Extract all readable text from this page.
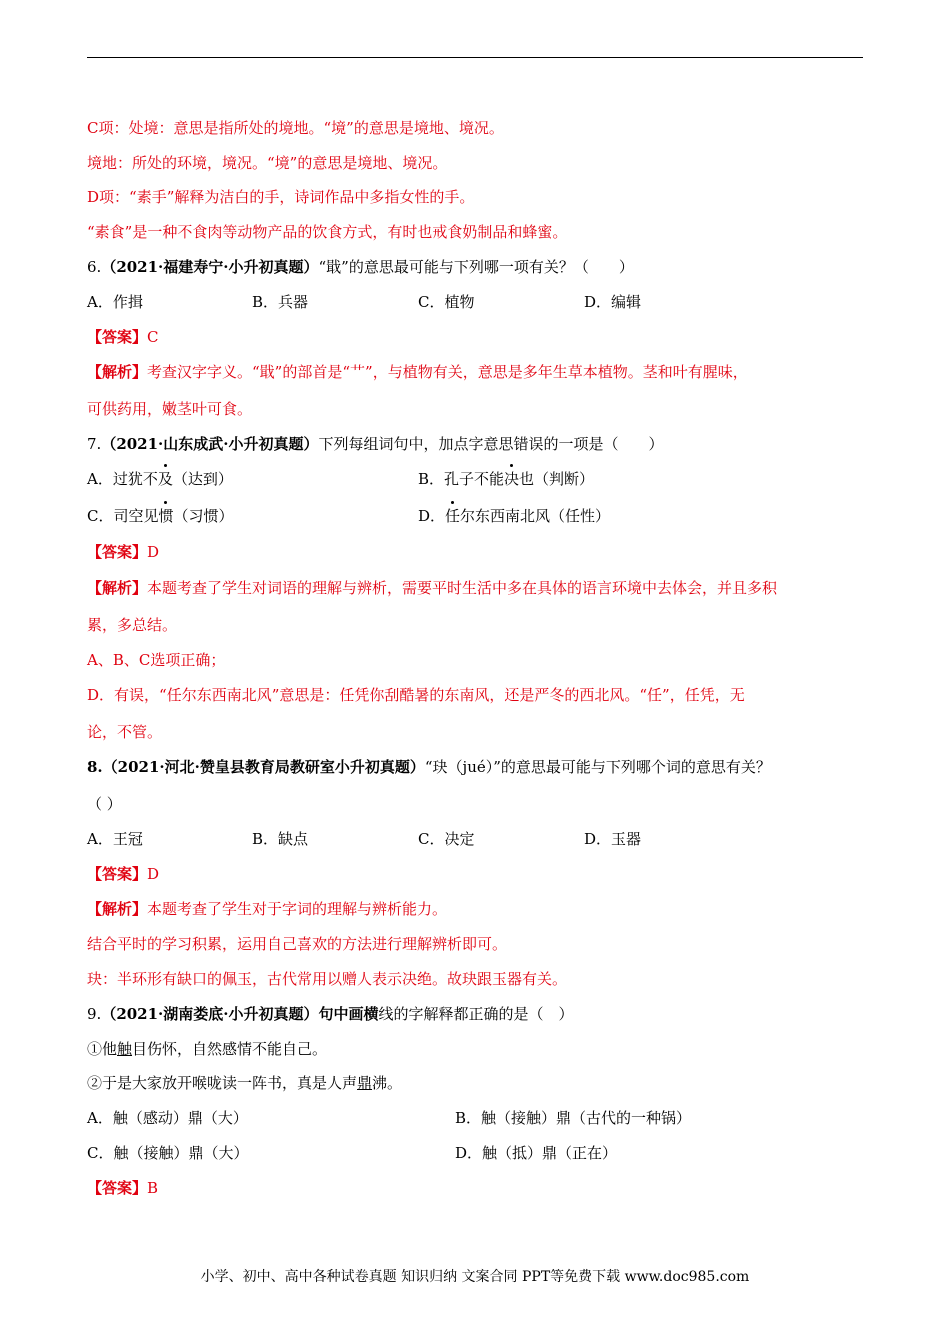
C项：处境：意思是指所处的境地。“境”的意思是境地、境况。
境地：所处的环境，境况。“境”的意思是境地、境况。
D项：“素手”解释为洁白的手，诗词作品中多指女性的手。
“素食”是一种不食肉等动物产品的饮食方式，有时也戒食奶制品和蜂蜜。
6.（2021·福建寿宁·小升初真题）“戢”的意思最可能与下列哪一项有关？（　　）
A．作揖	B．兵器	C．植物	D．编辑
【答案】C
【解析】考查汉字字义。“戢”的部首是“艹”，与植物有关，意思是多年生草本植物。茎和叶有腥味，
可供药用，嫩茎叶可食。
7.（2021·山东成武·小升初真题）下列每组词句中，加点字意思错误的一项是（　　）
A．过犹不及（达到）	B．孔子不能决也（判断）
C．司空见惯（习惯）	D．任尔东西南北风（任性）
【答案】D
【解析】本题考查了学生对词语的理解与辨析，需要平时生活中多在具体的语言环境中去体会，并且多积
累，多总结。
A、B、C选项正确；
D．有误，“任尔东西南北风”意思是：任凭你刮酷暑的东南风，还是严冬的西北风。“任”，任凭，无
论，不管。
8.（2021·河北·赞皇县教育局教研室小升初真题）“玦（jué）”的意思最可能与下列哪个词的意思有关？
（ ）
A．王冠	B．缺点	C．决定	D．玉器
【答案】D
【解析】本题考查了学生对于字词的理解与辨析能力。
结合平时的学习积累，运用自己喜欢的方法进行理解辨析即可。
玦：半环形有缺口的佩玉，古代常用以赠人表示决绝。故玦跟玉器有关。
9.（2021·湖南娄底·小升初真题）句中画横线的字解释都正确的是（　）
①他触目伤怀，自然感情不能自己。
②于是大家放开喉咙读一阵书，真是人声鼎沸。
A．触（感动）鼎（大）	B．触（接触）鼎（古代的一种锅）
C．触（接触）鼎（大）	D．触（抵）鼎（正在）
【答案】B
小学、初中、高中各种试卷真题 知识归纳 文案合同 PPT等免费下载 www.doc985.com
